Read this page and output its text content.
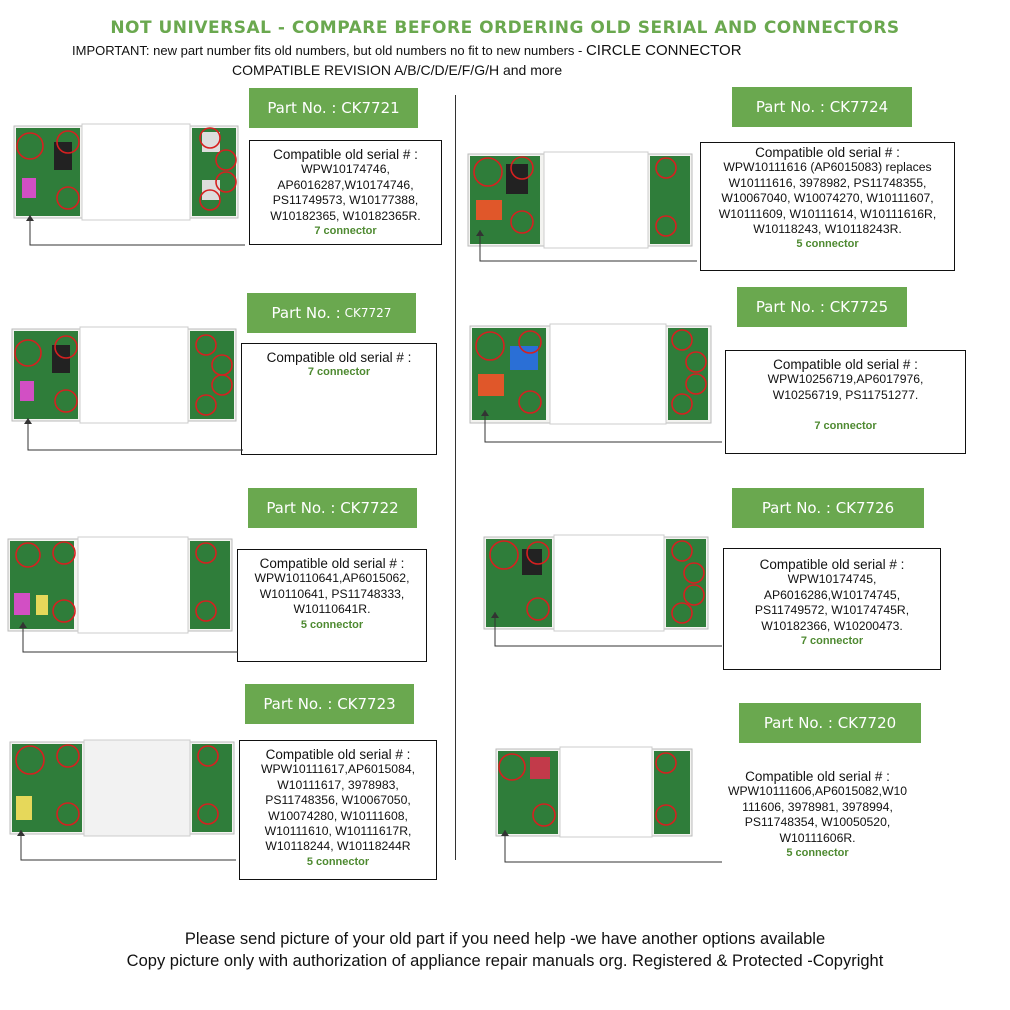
NOT UNIVERSAL - COMPARE BEFORE ORDERING OLD SERIAL AND CONNECTORS
IMPORTANT: new part number fits old numbers, but old numbers no fit to new numbers - CIRCLE CONNECTOR
COMPATIBLE REVISION A/B/C/D/E/F/G/H and more
Part No. :
CK7721
Compatible old serial # :
WPW10174746,
AP6016287,W10174746,
PS11749573, W10177388,
W10182365, W10182365R.
7 connector
Part No. : CK7727
Compatible old serial # :
7 connector
Part No. :
CK7722
Compatible old serial # :
WPW10110641,AP6015062,
W10110641, PS11748333,
W10110641R.
5 connector
Part No. :
CK7723
Compatible old serial # :
WPW10111617,AP6015084,
W10111617, 3978983,
PS11748356, W10067050,
W10074280, W10111608,
W10111610, W10111617R,
W10118244, W10118244R
5 connector
Part No. :
CK7724
Compatible old serial # :
WPW10111616 (AP6015083) replaces
W10111616, 3978982, PS11748355,
W10067040, W10074270, W10111607,
W10111609, W10111614, W10111616R,
W10118243, W10118243R.
5 connector
Part No. :
CK7725
Compatible old serial # :
WPW10256719,AP6017976,
W10256719, PS11751277.
7 connector
Part No. :
CK7726
Compatible old serial # :
WPW10174745,
AP6016286,W10174745,
PS11749572, W10174745R,
W10182366, W10200473.
7 connector
Part No. :
CK7720
Compatible old serial # :
WPW10111606,AP6015082,W10
111606, 3978981, 3978994,
PS11748354, W10050520,
W10111606R.
5 connector
Please send picture of your old part if you need help -we have another options available
Copy picture only with authorization of appliance repair manuals org. Registered & Protected -Copyright
